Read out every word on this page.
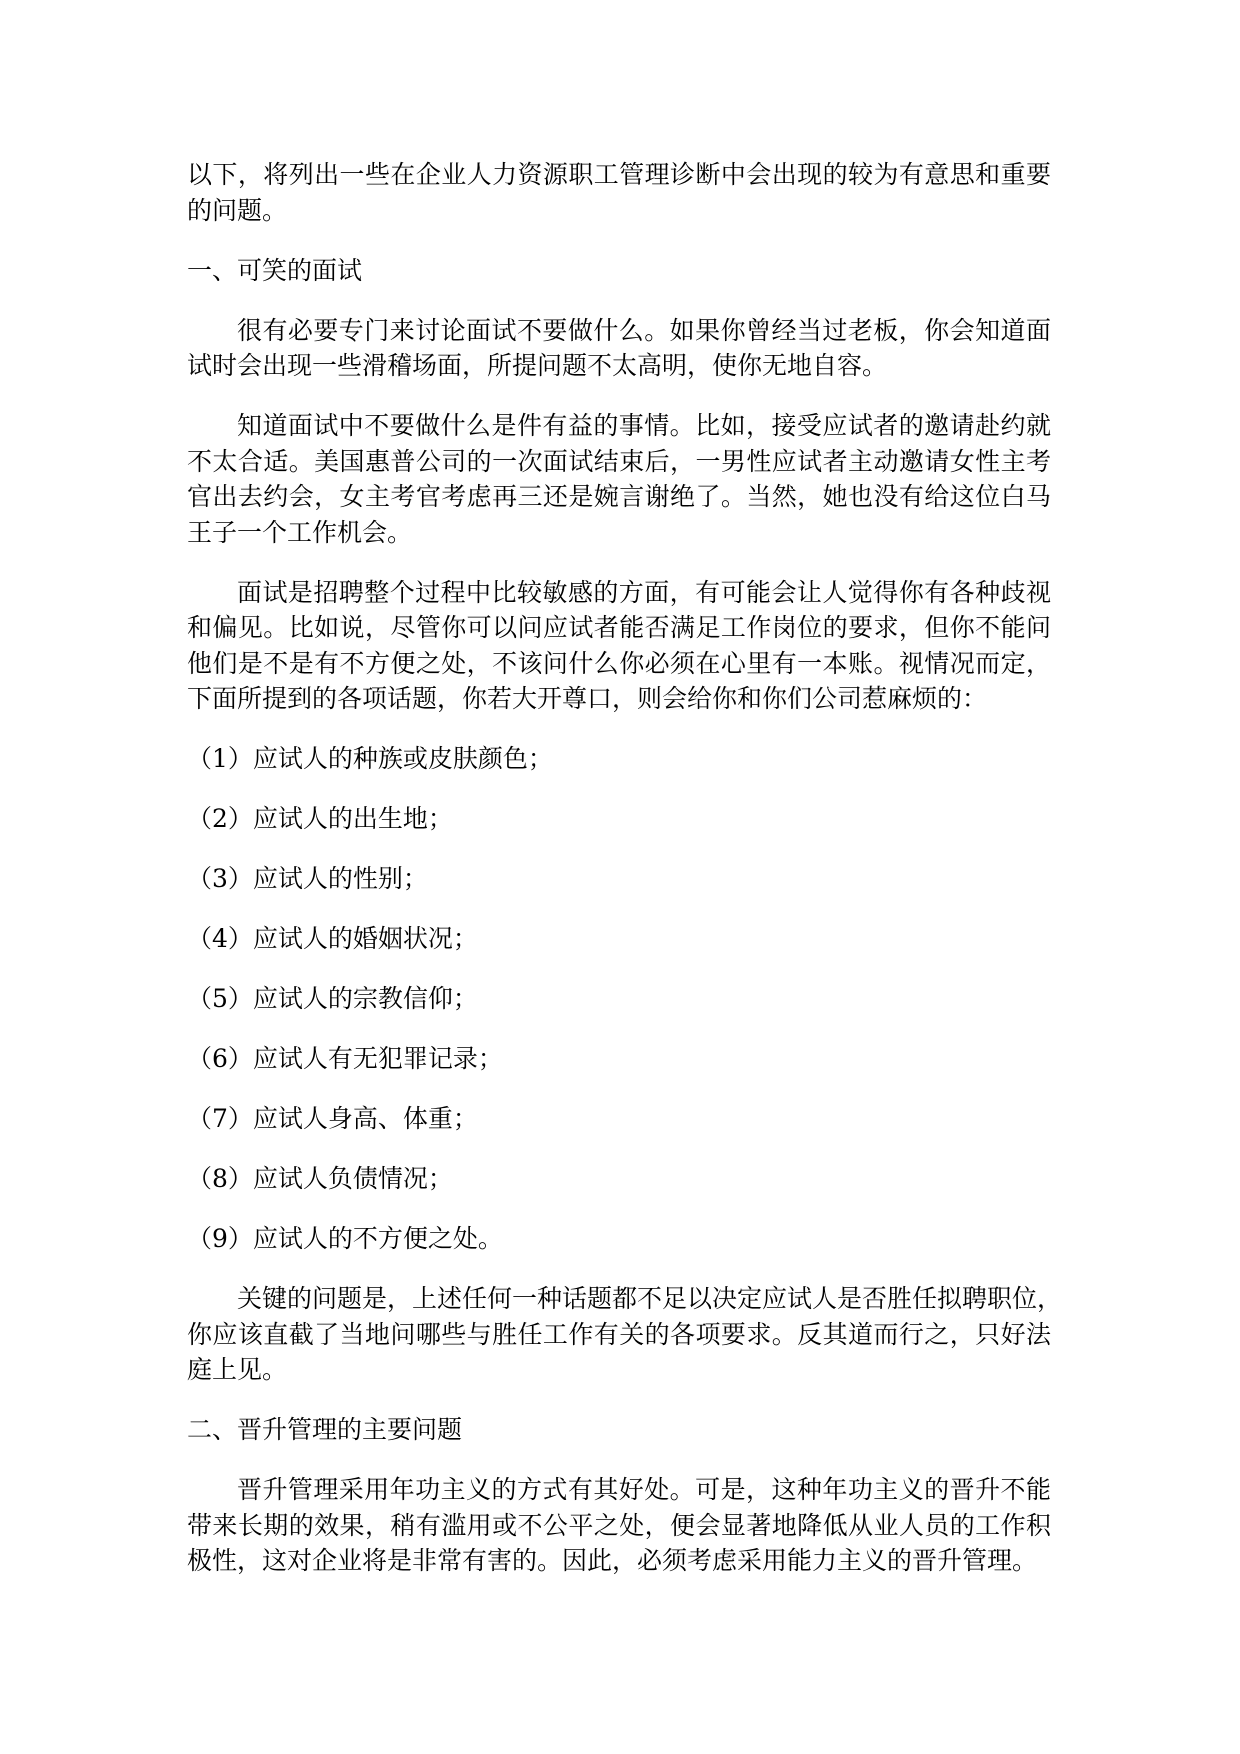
以下，将列出一些在企业人力资源职工管理诊断中会出现的较为有意思和重要
的问题。

一、可笑的面试

很有必要专门来讨论面试不要做什么。如果你曾经当过老板，你会知道面
试时会出现一些滑稽场面，所提问题不太高明，使你无地自容。

知道面试中不要做什么是件有益的事情。比如，接受应试者的邀请赴约就
不太合适。美国惠普公司的一次面试结束后，一男性应试者主动邀请女性主考
官出去约会，女主考官考虑再三还是婉言谢绝了。当然，她也没有给这位白马
王子一个工作机会。

面试是招聘整个过程中比较敏感的方面，有可能会让人觉得你有各种歧视
和偏见。比如说，尽管你可以问应试者能否满足工作岗位的要求，但你不能问
他们是不是有不方便之处，不该问什么你必须在心里有一本账。视情况而定，
下面所提到的各项话题，你若大开尊口，则会给你和你们公司惹麻烦的：

（1）应试人的种族或皮肤颜色；

（2）应试人的出生地；

（3）应试人的性别；

（4）应试人的婚姻状况；

（5）应试人的宗教信仰；

（6）应试人有无犯罪记录；

（7）应试人身高、体重；

（8）应试人负债情况；

（9）应试人的不方便之处。

关键的问题是，上述任何一种话题都不足以决定应试人是否胜任拟聘职位，
你应该直截了当地问哪些与胜任工作有关的各项要求。反其道而行之，只好法
庭上见。

二、晋升管理的主要问题

晋升管理采用年功主义的方式有其好处。可是，这种年功主义的晋升不能
带来长期的效果，稍有滥用或不公平之处，便会显著地降低从业人员的工作积
极性，这对企业将是非常有害的。因此，必须考虑采用能力主义的晋升管理。
